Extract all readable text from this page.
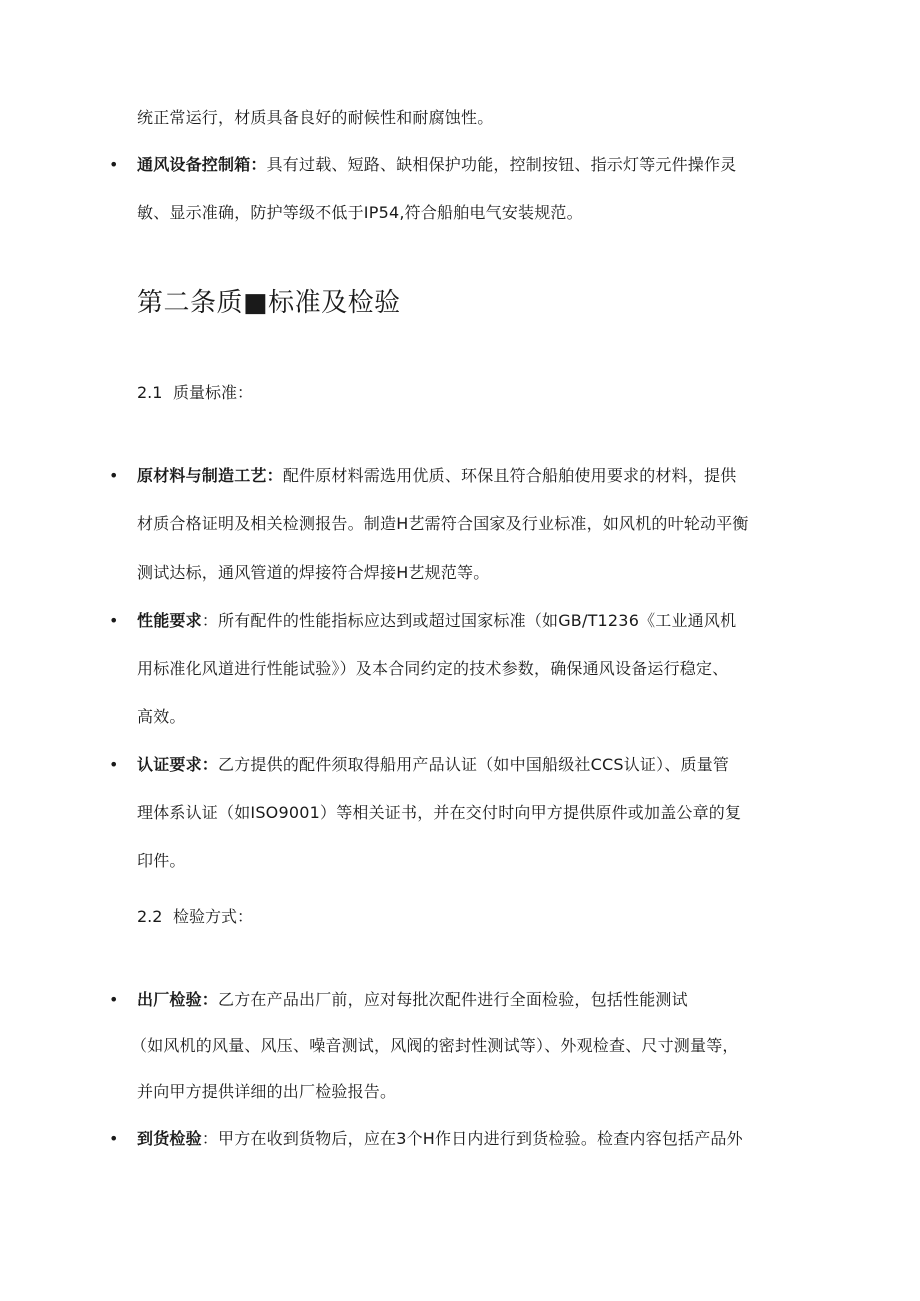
统正常运行，材质具备良好的耐候性和耐腐蚀性。
• 通风设备控制箱：具有过载、短路、缺相保护功能，控制按钮、指示灯等元件操作灵
敏、显示准确，防护等级不低于IP54,符合船舶电气安装规范。
第二条质■标准及检验
2.1 质量标准：
• 原材料与制造工艺：配件原材料需选用优质、环保且符合船舶使用要求的材料，提供
材质合格证明及相关检测报告。制造H艺需符合国家及行业标准，如风机的叶轮动平衡
测试达标，通风管道的焊接符合焊接H艺规范等。
• 性能要求：所有配件的性能指标应达到或超过国家标准（如GB/T1236《工业通风机
用标准化风道进行性能试验》）及本合同约定的技术参数，确保通风设备运行稳定、
高效。
• 认证要求：乙方提供的配件须取得船用产品认证（如中国船级社CCS认证）、质量管
理体系认证（如ISO9001）等相关证书，并在交付时向甲方提供原件或加盖公章的复
印件。
2.2 检验方式：
• 出厂检验：乙方在产品出厂前，应对每批次配件进行全面检验，包括性能测试
（如风机的风量、风压、噪音测试，风阀的密封性测试等）、外观检查、尺寸测量等，
并向甲方提供详细的出厂检验报告。
• 到货检验：甲方在收到货物后，应在3个H作日内进行到货检验。检查内容包括产品外
